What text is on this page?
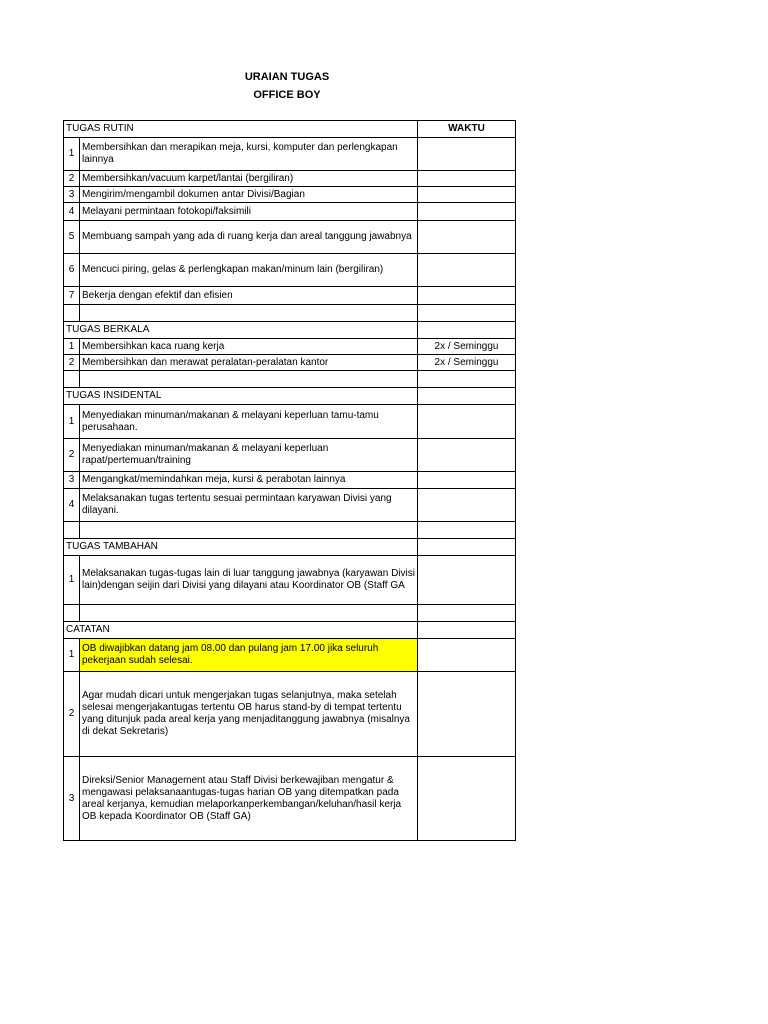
URAIAN TUGAS
OFFICE BOY
TUGAS RUTIN		WAKTU
1	Membersihkan dan merapikan meja, kursi, komputer dan perlengkapan lainnya	
2	Membersihkan/vacuum karpet/lantai (bergiliran)	
3	Mengirim/mengambil dokumen antar Divisi/Bagian	
4	Melayani permintaan fotokopi/faksimili	
5	Membuang sampah yang ada di ruang kerja dan areal tanggung jawabnya	
6	Mencuci piring, gelas & perlengkapan makan/minum lain (bergiliran)	
7	Bekerja dengan efektif dan efisien	

TUGAS BERKALA		
1	Membersihkan kaca ruang kerja	2x / Seminggu
2	Membersihkan dan merawat peralatan-peralatan kantor	2x / Seminggu

TUGAS INSIDENTAL		
1	Menyediakan minuman/makanan & melayani keperluan tamu-tamu perusahaan.	
2	Menyediakan minuman/makanan & melayani keperluan rapat/pertemuan/training	
3	Mengangkat/memindahkan meja, kursi & perabotan lainnya	
4	Melaksanakan tugas tertentu sesuai permintaan karyawan Divisi yang dilayani.	

TUGAS TAMBAHAN		
1	Melaksanakan tugas-tugas lain di luar tanggung jawabnya (karyawan Divisi lain)dengan seijin dari Divisi yang dilayani atau Koordinator OB (Staff GA	

CATATAN		
1	OB diwajibkan datang jam 08.00 dan pulang jam 17.00 jika seluruh pekerjaan sudah selesai.	
2	Agar mudah dicari untuk mengerjakan tugas selanjutnya, maka setelah selesai mengerjakantugas tertentu OB harus stand-by di tempat tertentu yang ditunjuk pada areal kerja yang menjaditanggung jawabnya (misalnya di dekat Sekretaris)	
3	Direksi/Senior Management atau Staff Divisi berkewajiban mengatur & mengawasi pelaksanaantugas-tugas harian OB yang ditempatkan pada areal kerjanya, kemudian melaporkanperkembangan/keluhan/hasil kerja OB kepada Koordinator OB (Staff GA)	
